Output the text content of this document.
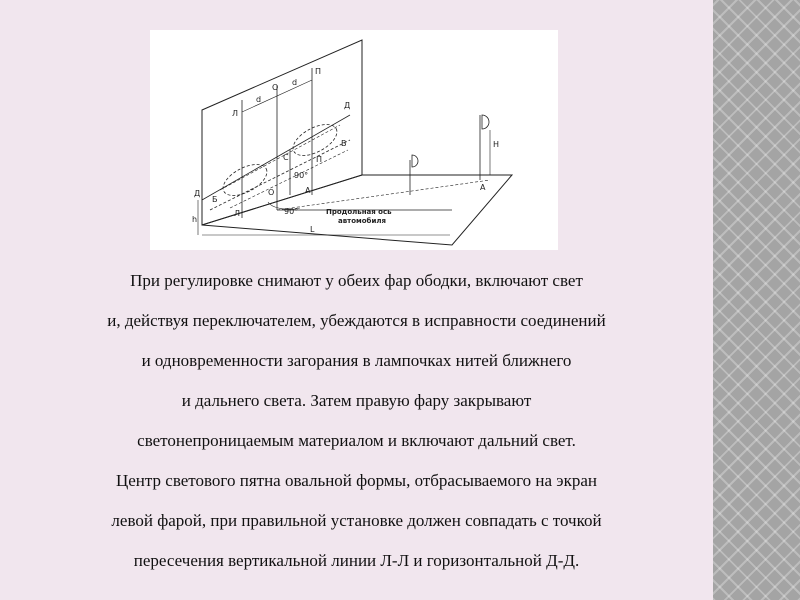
П
Л
О
Д
d
d
В
С	П
90°
О	А
Д
Б
Л	90°
h
Продольная ось
автомобиля
L
H
А
При регулировке снимают у обеих фар ободки, включают свет
и, действуя переключателем, убеждаются в исправности соединений
и одновременности загорания в лампочках нитей ближнего
и дальнего света. Затем правую фару закрывают
светонепроницаемым материалом и включают дальний свет.
Центр светового пятна овальной формы, отбрасываемого на экран
левой фарой, при правильной установке должен совпадать с точкой
пересечения вертикальной линии Л-Л и горизонтальной Д-Д.
